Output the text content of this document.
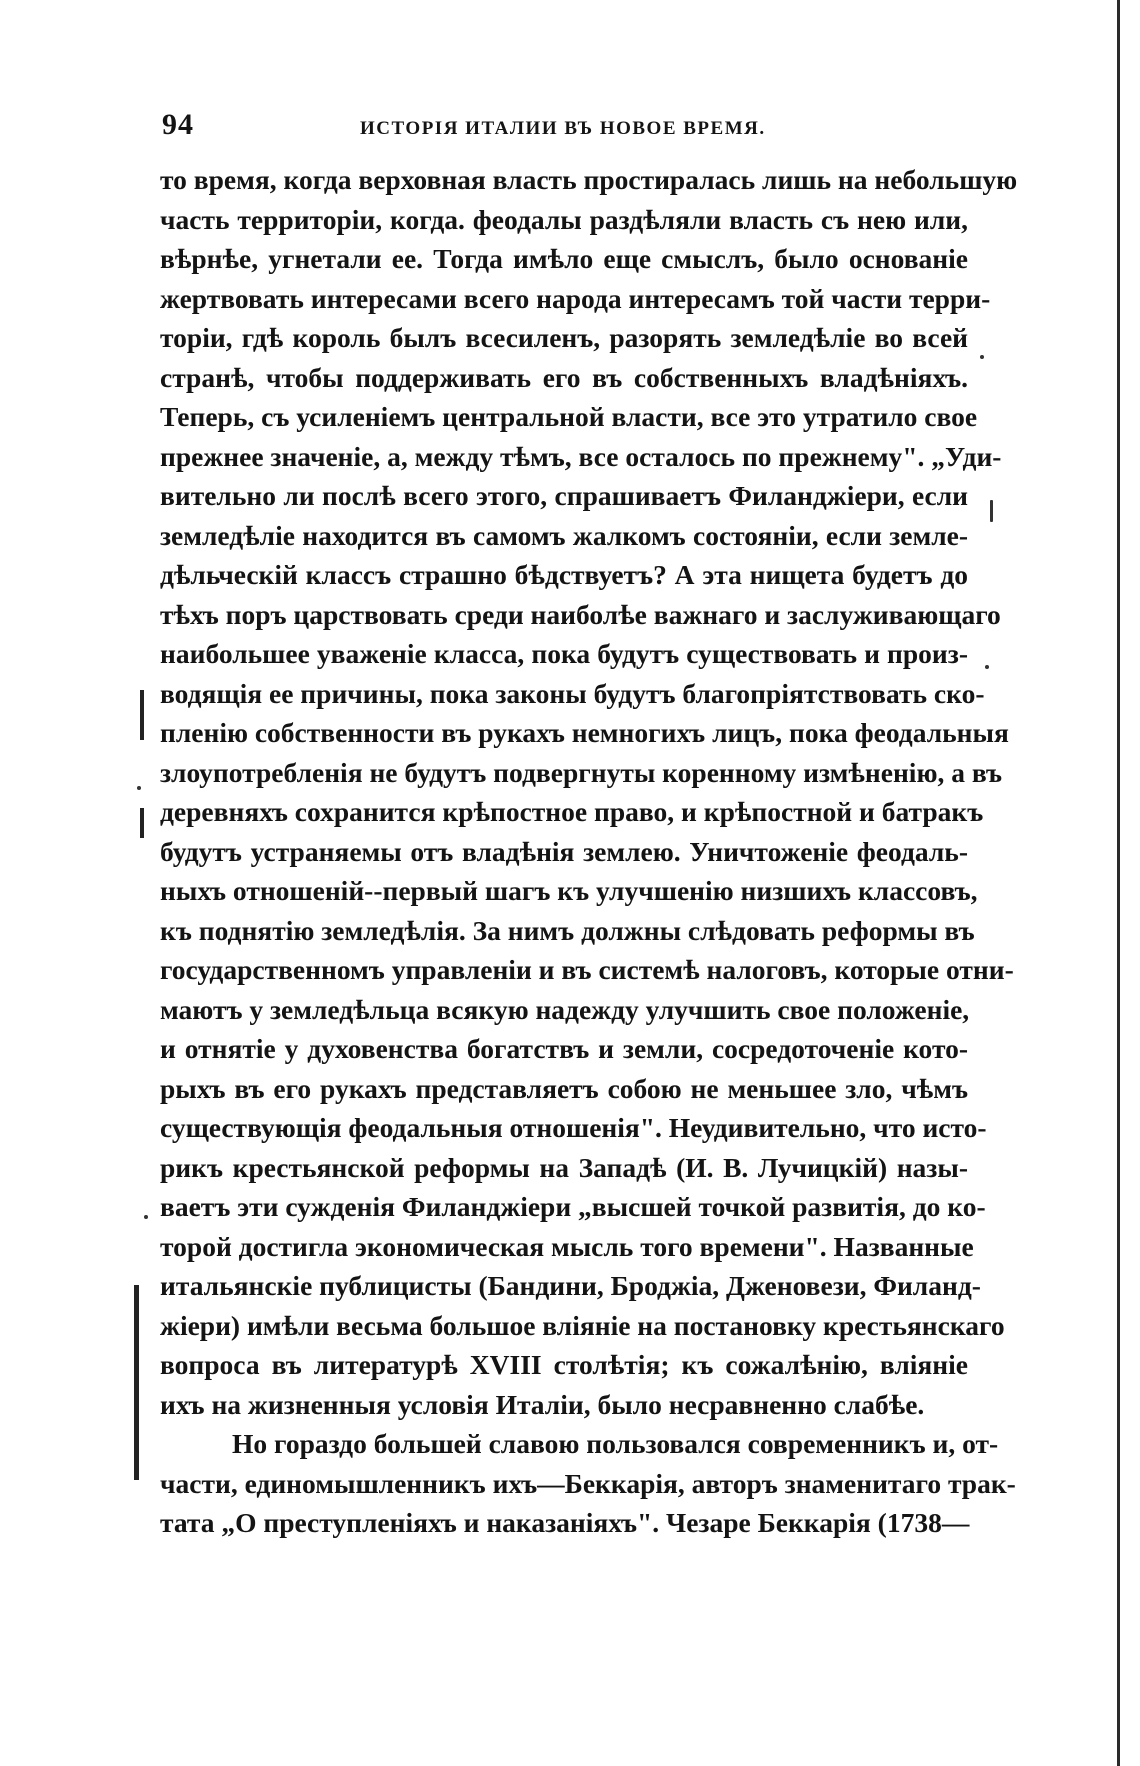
94	ИСТОРІЯ ИТАЛИИ ВЪ НОВОЕ ВРЕМЯ.
то время, когда верховная власть простиралась лишь на небольшую
часть территоріи, когда. феодалы раздѣляли власть съ нею или,
вѣрнѣе, угнетали ее. Тогда имѣло еще смыслъ, было основаніе
жертвовать интересами всего народа интересамъ той части терри-
торіи, гдѣ король былъ всесиленъ, разорять земледѣліе во всей
странѣ, чтобы поддерживать его въ собственныхъ владѣніяхъ.
Теперь, съ усиленіемъ центральной власти, все это утратило свое
прежнее значеніе, а, между тѣмъ, все осталось по прежнему". „Уди-
вительно ли послѣ всего этого, спрашиваетъ Филанджіери, если
земледѣліе находится въ самомъ жалкомъ состояніи, если земле-
дѣльческій классъ страшно бѣдствуетъ? А эта нищета будетъ до
тѣхъ поръ царствовать среди наиболѣе важнаго и заслуживающаго
наибольшее уваженіе класса, пока будутъ существовать и произ-
водящія ее причины, пока законы будутъ благопріятствовать ско-
пленію собственности въ рукахъ немногихъ лицъ, пока феодальныя
злоупотребленія не будутъ подвергнуты коренному измѣненію, а въ
деревняхъ сохранится крѣпостное право, и крѣпостной и батракъ
будутъ устраняемы отъ владѣнія землею. Уничтоженіе феодаль-
ныхъ отношеній--первый шагъ къ улучшенію низшихъ классовъ,
къ поднятію земледѣлія. За нимъ должны слѣдовать реформы въ
государственномъ управленіи и въ системѣ налоговъ, которые отни-
маютъ у земледѣльца всякую надежду улучшить свое положеніе,
и отнятіе у духовенства богатствъ и земли, сосредоточеніе кото-
рыхъ въ его рукахъ представляетъ собою не меньшее зло, чѣмъ
существующія феодальныя отношенія". Неудивительно, что исто-
рикъ крестьянской реформы на Западѣ (И. В. Лучицкій) назы-
ваетъ эти сужденія Филанджіери „высшей точкой развитія, до ко-
торой достигла экономическая мысль того времени". Названные
итальянскіе публицисты (Бандини, Броджіа, Дженовези, Филанд-
жіери) имѣли весьма большое вліяніе на постановку крестьянскаго
вопроса въ литературѣ XVIII столѣтія; къ сожалѣнію, вліяніе
ихъ на жизненныя условія Италіи, было несравненно слабѣе.
Но гораздо большей славою пользовался современникъ и, от-
части, единомышленникъ ихъ—Беккарія, авторъ знаменитаго трак-
тата „О преступленіяхъ и наказаніяхъ". Чезаре Беккарія (1738—
